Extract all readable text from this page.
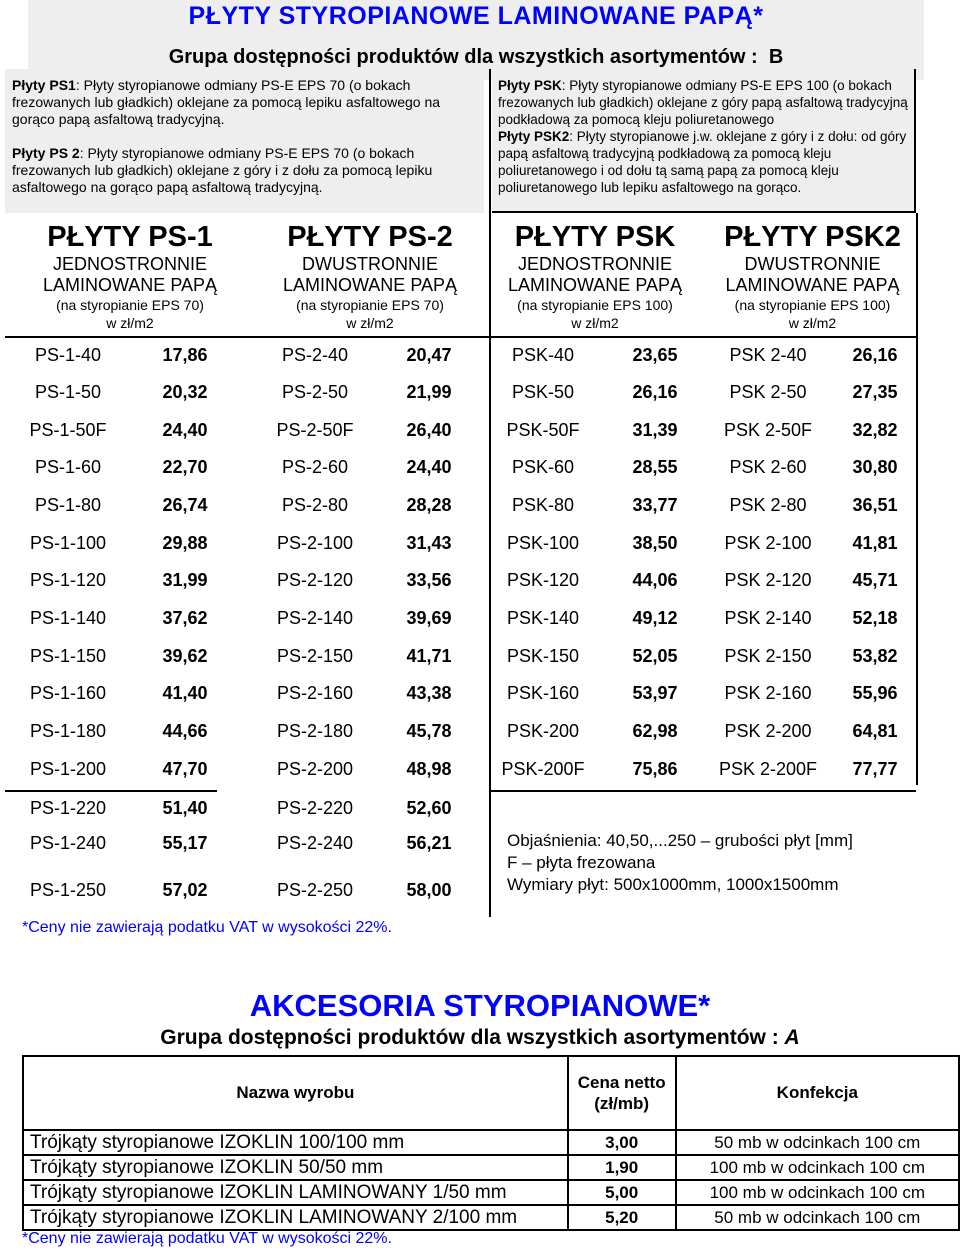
PŁYTY STYROPIANOWE LAMINOWANE PAPĄ*
Grupa dostępności produktów dla wszystkich asortymentów :  B

Płyty PS1: Płyty styropianowe odmiany PS-E EPS 70 (o bokach frezowanych lub gładkich) oklejane za pomocą lepiku asfaltowego na gorąco papą asfaltową tradycyjną.

Płyty PS 2: Płyty styropianowe odmiany PS-E EPS 70 (o bokach frezowanych lub gładkich) oklejane z góry i z dołu za pomocą lepiku asfaltowego na gorąco papą asfaltową tradycyjną.

Płyty PSK: Płyty styropianowe odmiany PS-E EPS 100 (o bokach frezowanych lub gładkich) oklejane z góry papą asfaltową tradycyjną podkładową za pomocą kleju poliuretanowego

Płyty PSK2: Płyty styropianowe j.w. oklejane z góry i z dołu: od góry papą asfaltową tradycyjną podkładową za pomocą kleju poliuretanowego i od dołu tą samą papą za pomocą kleju poliuretanowego lub lepiku asfaltowego na gorąco.

PŁYTY PS-1
JEDNOSTRONNIE
LAMINOWANE PAPĄ
(na styropianie EPS 70)
w zł/m2
PŁYTY PS-2
DWUSTRONNIE
LAMINOWANE PAPĄ
(na styropianie EPS 70)
w zł/m2
PŁYTY PSK
JEDNOSTRONNIE
LAMINOWANE PAPĄ
(na styropianie EPS 100)
w zł/m2
PŁYTY PSK2
DWUSTRONNIE
LAMINOWANE PAPĄ
(na styropianie EPS 100)
w zł/m2
PS-1-40	17,86	PS-2-40	20,47	PSK-40	23,65	PSK 2-40	26,16
PS-1-50	20,32	PS-2-50	21,99	PSK-50	26,16	PSK 2-50	27,35
PS-1-50F	24,40	PS-2-50F	26,40	PSK-50F	31,39	PSK 2-50F	32,82
PS-1-60	22,70	PS-2-60	24,40	PSK-60	28,55	PSK 2-60	30,80
PS-1-80	26,74	PS-2-80	28,28	PSK-80	33,77	PSK 2-80	36,51
PS-1-100	29,88	PS-2-100	31,43	PSK-100	38,50	PSK 2-100	41,81
PS-1-120	31,99	PS-2-120	33,56	PSK-120	44,06	PSK 2-120	45,71
PS-1-140	37,62	PS-2-140	39,69	PSK-140	49,12	PSK 2-140	52,18
PS-1-150	39,62	PS-2-150	41,71	PSK-150	52,05	PSK 2-150	53,82
PS-1-160	41,40	PS-2-160	43,38	PSK-160	53,97	PSK 2-160	55,96
PS-1-180	44,66	PS-2-180	45,78	PSK-200	62,98	PSK 2-200	64,81
PS-1-200	47,70	PS-2-200	48,98	PSK-200F	75,86	PSK 2-200F	77,77
PS-1-220	51,40	PS-2-220	52,60
PS-1-240	55,17	PS-2-240	56,21
PS-1-250	57,02	PS-2-250	58,00
Objaśnienia: 40,50,...250 – grubości płyt [mm]
F – płyta frezowana
Wymiary płyt: 500x1000mm, 1000x1500mm
*Ceny nie zawierają podatku VAT w wysokości 22%.
AKCESORIA STYROPIANOWE*
Grupa dostępności produktów dla wszystkich asortymentów : A
Nazwa wyrobu	Cena netto (zł/mb)	Konfekcja
Trójkąty styropianowe IZOKLIN 100/100 mm	3,00	50 mb w odcinkach 100 cm
Trójkąty styropianowe IZOKLIN 50/50 mm	1,90	100 mb w odcinkach 100 cm
Trójkąty styropianowe IZOKLIN LAMINOWANY 1/50 mm	5,00	100 mb w odcinkach 100 cm
Trójkąty styropianowe IZOKLIN LAMINOWANY 2/100 mm	5,20	50 mb w odcinkach 100 cm
*Ceny nie zawierają podatku VAT w wysokości 22%.
